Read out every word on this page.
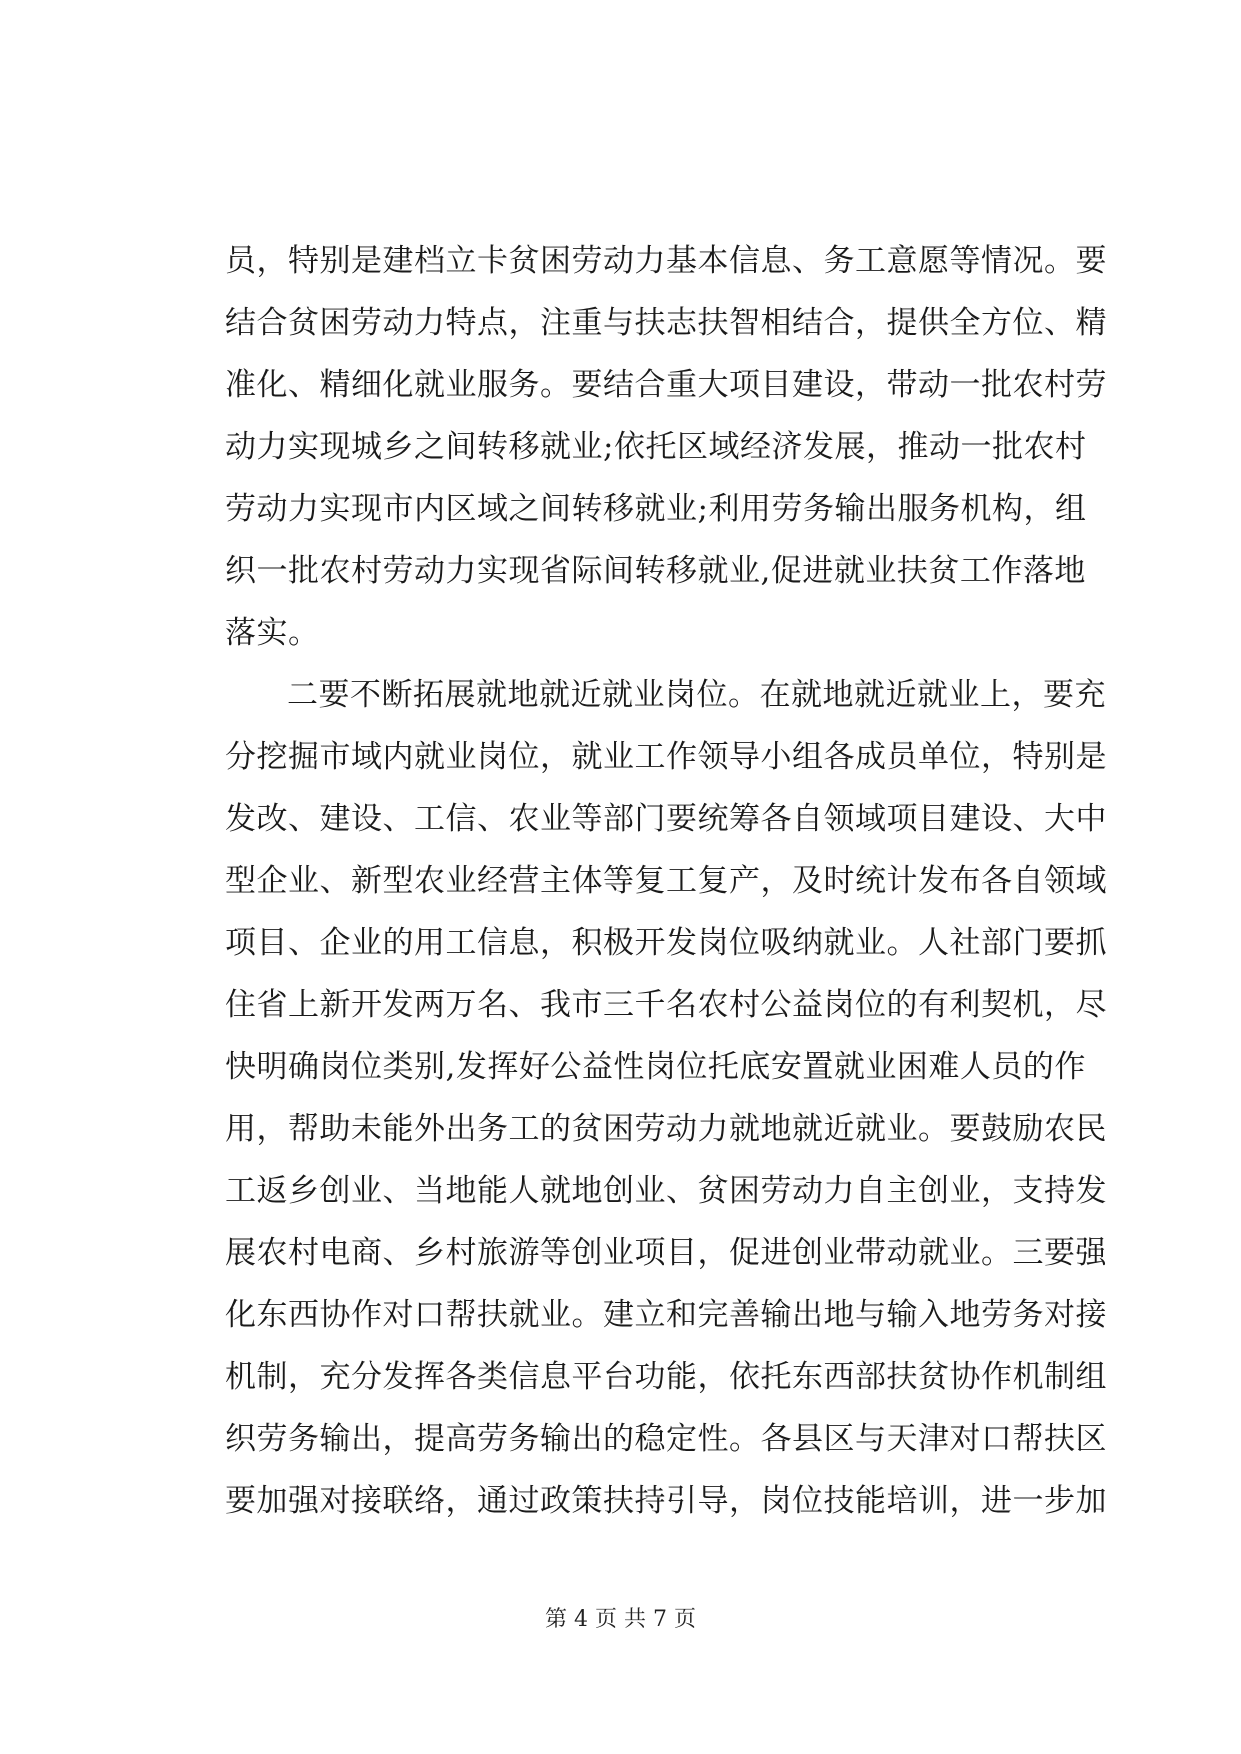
员，特别是建档立卡贫困劳动力基本信息、务工意愿等情况。要
结合贫困劳动力特点，注重与扶志扶智相结合，提供全方位、精
准化、精细化就业服务。要结合重大项目建设，带动一批农村劳
动力实现城乡之间转移就业;依托区域经济发展，推动一批农村
劳动力实现市内区域之间转移就业;利用劳务输出服务机构，组
织一批农村劳动力实现省际间转移就业,促进就业扶贫工作落地
落实。
二要不断拓展就地就近就业岗位。在就地就近就业上，要充
分挖掘市域内就业岗位，就业工作领导小组各成员单位，特别是
发改、建设、工信、农业等部门要统筹各自领域项目建设、大中
型企业、新型农业经营主体等复工复产，及时统计发布各自领域
项目、企业的用工信息，积极开发岗位吸纳就业。人社部门要抓
住省上新开发两万名、我市三千名农村公益岗位的有利契机，尽
快明确岗位类别,发挥好公益性岗位托底安置就业困难人员的作
用，帮助未能外出务工的贫困劳动力就地就近就业。要鼓励农民
工返乡创业、当地能人就地创业、贫困劳动力自主创业，支持发
展农村电商、乡村旅游等创业项目，促进创业带动就业。三要强
化东西协作对口帮扶就业。建立和完善输出地与输入地劳务对接
机制，充分发挥各类信息平台功能，依托东西部扶贫协作机制组
织劳务输出，提高劳务输出的稳定性。各县区与天津对口帮扶区
要加强对接联络，通过政策扶持引导，岗位技能培训，进一步加
第 4 页 共 7 页
